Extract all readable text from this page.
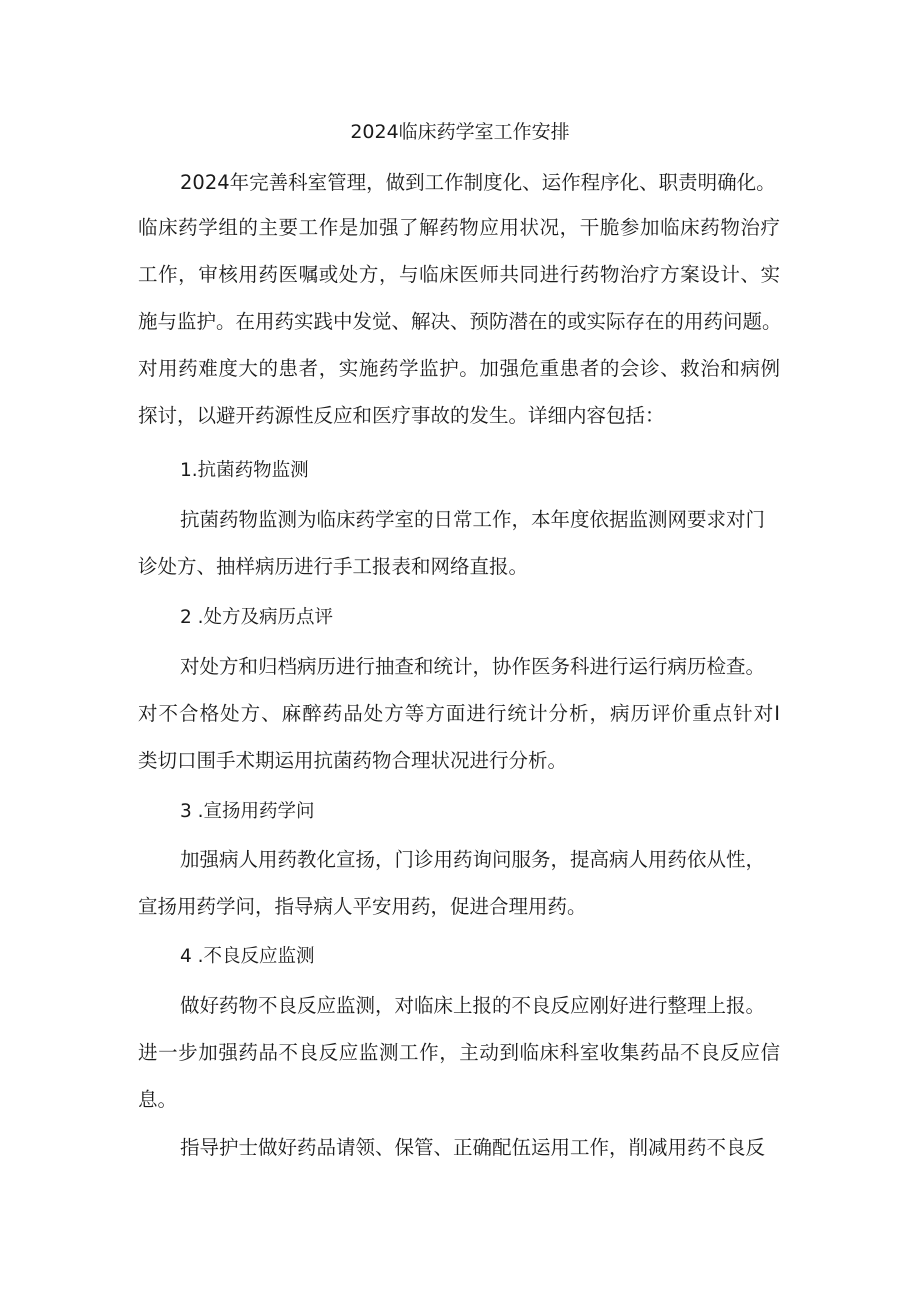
2024临床药学室工作安排
2024年完善科室管理，做到工作制度化、运作程序化、职责明确化。
临床药学组的主要工作是加强了解药物应用状况，干脆参加临床药物治疗
工作，审核用药医嘱或处方，与临床医师共同进行药物治疗方案设计、实
施与监护。在用药实践中发觉、解决、预防潜在的或实际存在的用药问题。
对用药难度大的患者，实施药学监护。加强危重患者的会诊、救治和病例
探讨，以避开药源性反应和医疗事故的发生。详细内容包括：
1.抗菌药物监测
抗菌药物监测为临床药学室的日常工作，本年度依据监测网要求对门
诊处方、抽样病历进行手工报表和网络直报。
2 .处方及病历点评
对处方和归档病历进行抽查和统计，协作医务科进行运行病历检查。
对不合格处方、麻醉药品处方等方面进行统计分析，病历评价重点针对Ⅰ
类切口围手术期运用抗菌药物合理状况进行分析。
3 .宣扬用药学问
加强病人用药教化宣扬，门诊用药询问服务，提高病人用药依从性，
宣扬用药学问，指导病人平安用药，促进合理用药。
4 .不良反应监测
做好药物不良反应监测，对临床上报的不良反应刚好进行整理上报。
进一步加强药品不良反应监测工作，主动到临床科室收集药品不良反应信
息。
指导护士做好药品请领、保管、正确配伍运用工作，削减用药不良反
